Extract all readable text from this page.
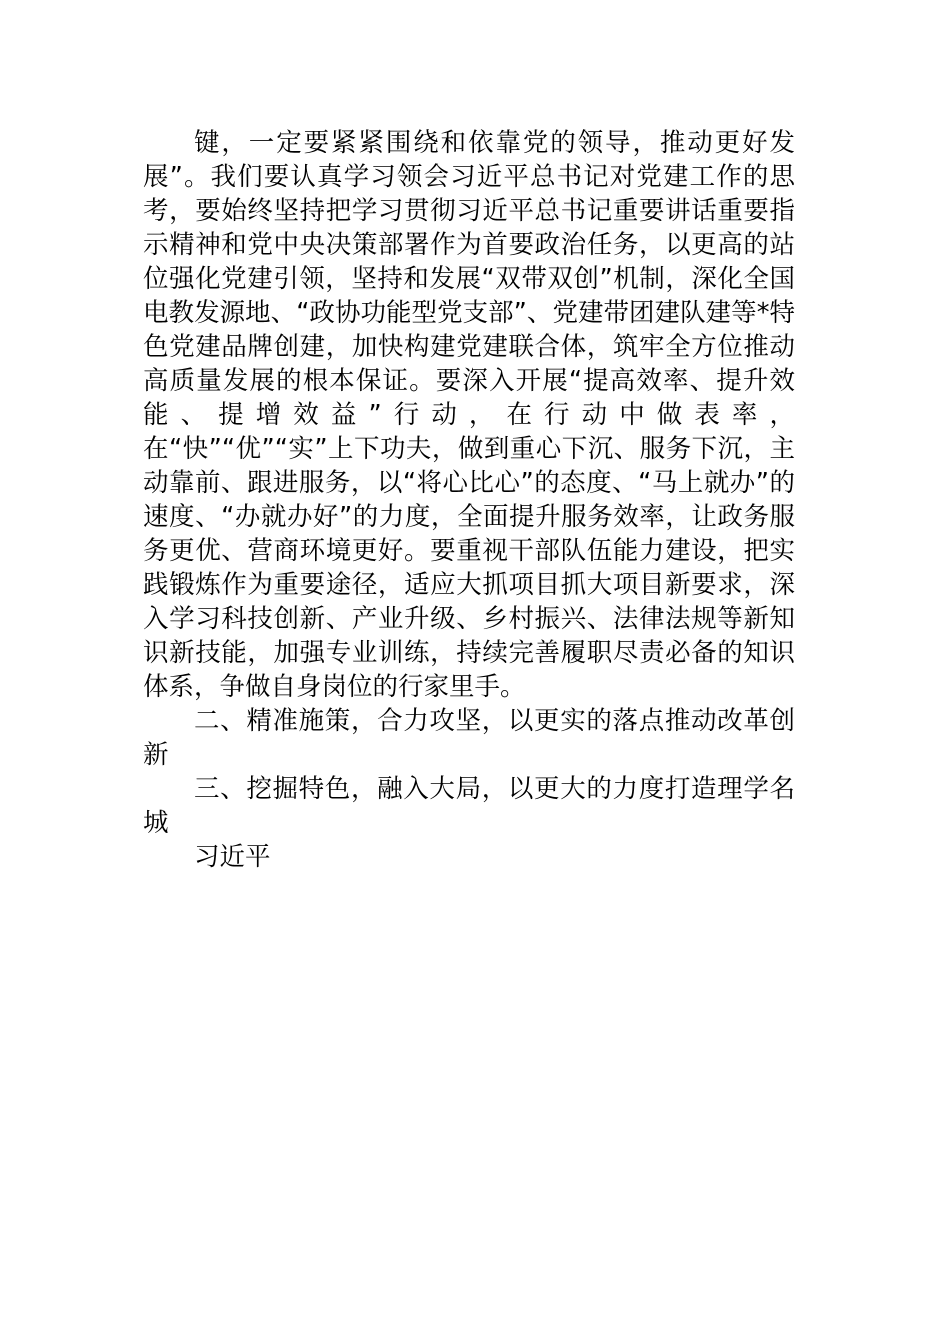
键，一定要紧紧围绕和依靠党的领导，推动更好发展”。我们要认真学习领会习近平总书记对党建工作的思考，要始终坚持把学习贯彻习近平总书记重要讲话重要指示精神和党中央决策部署作为首要政治任务，以更高的站位强化党建引领，坚持和发展“双带双创”机制，深化全国电教发源地、“政协功能型党支部”、党建带团建队建等*特色党建品牌创建，加快构建党建联合体，筑牢全方位推动高质量发展的根本保证。要深入开展“提高效率、提升效能、提增效益”行动，在行动中做表率，在“快”“优”“实”上下功夫，做到重心下沉、服务下沉，主动靠前、跟进服务，以“将心比心”的态度、“马上就办”的速度、“办就办好”的力度，全面提升服务效率，让政务服务更优、营商环境更好。要重视干部队伍能力建设，把实践锻炼作为重要途径，适应大抓项目抓大项目新要求，深入学习科技创新、产业升级、乡村振兴、法律法规等新知识新技能，加强专业训练，持续完善履职尽责必备的知识体系，争做自身岗位的行家里手。

二、精准施策，合力攻坚，以更实的落点推动改革创新

三、挖掘特色，融入大局，以更大的力度打造理学名城

习近平
